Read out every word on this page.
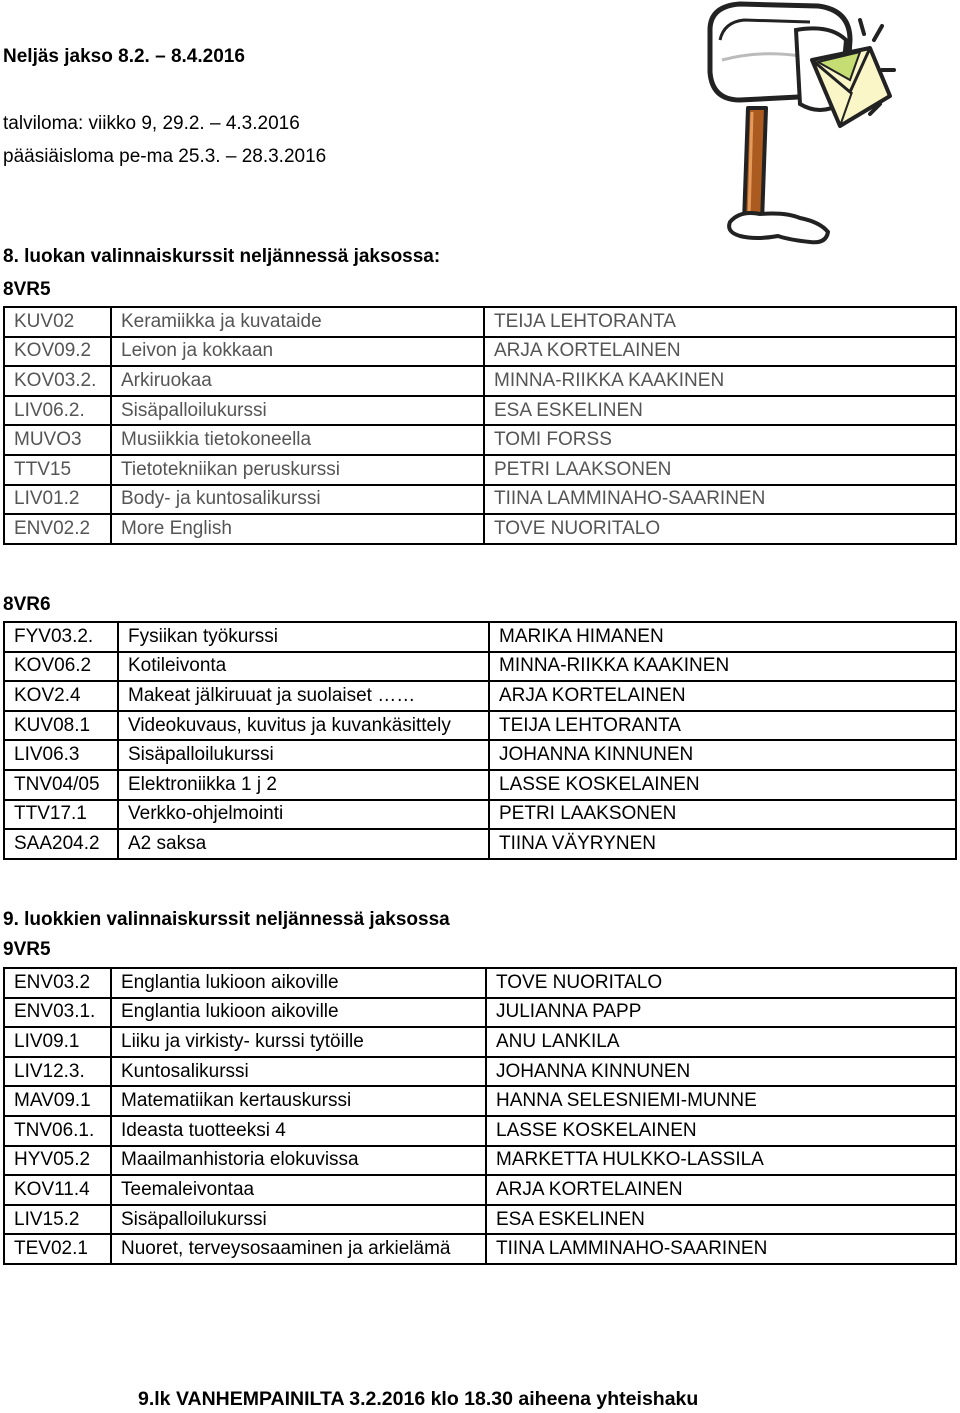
Neljäs jakso 8.2. – 8.4.2016
talviloma: viikko 9, 29.2. – 4.3.2016
pääsiäisloma pe-ma 25.3. – 28.3.2016
8. luokan valinnaiskurssit neljännessä jaksossa:
8VR5
KUV02	Keramiikka ja kuvataide	TEIJA LEHTORANTA
KOV09.2	Leivon ja kokkaan	ARJA KORTELAINEN
KOV03.2.	Arkiruokaa	MINNA-RIIKKA KAAKINEN
LIV06.2.	Sisäpalloilukurssi	ESA ESKELINEN
MUVO3	Musiikkia tietokoneella	TOMI FORSS
TTV15	Tietotekniikan peruskurssi	PETRI LAAKSONEN
LIV01.2	Body- ja kuntosalikurssi	TIINA LAMMINAHO-SAARINEN
ENV02.2	More English	TOVE NUORITALO
8VR6
FYV03.2.	Fysiikan työkurssi	MARIKA HIMANEN
KOV06.2	Kotileivonta	MINNA-RIIKKA KAAKINEN
KOV2.4	Makeat jälkiruuat ja suolaiset ……	ARJA KORTELAINEN
KUV08.1	Videokuvaus, kuvitus ja kuvankäsittely	TEIJA LEHTORANTA
LIV06.3	Sisäpalloilukurssi	JOHANNA KINNUNEN
TNV04/05	Elektroniikka 1 j 2	LASSE KOSKELAINEN
TTV17.1	Verkko-ohjelmointi	PETRI LAAKSONEN
SAA204.2	A2 saksa	TIINA VÄYRYNEN
9. luokkien valinnaiskurssit neljännessä jaksossa
9VR5
ENV03.2	Englantia lukioon aikoville	TOVE NUORITALO
ENV03.1.	Englantia lukioon aikoville	JULIANNA PAPP
LIV09.1	Liiku ja virkisty- kurssi tytöille	ANU LANKILA
LIV12.3.	Kuntosalikurssi	JOHANNA KINNUNEN
MAV09.1	Matematiikan kertauskurssi	HANNA SELESNIEMI-MUNNE
TNV06.1.	Ideasta tuotteeksi 4	LASSE KOSKELAINEN
HYV05.2	Maailmanhistoria elokuvissa	MARKETTA HULKKO-LASSILA
KOV11.4	Teemaleivontaa	ARJA KORTELAINEN
LIV15.2	Sisäpalloilukurssi	ESA ESKELINEN
TEV02.1	Nuoret, terveysosaaminen ja arkielämä	TIINA LAMMINAHO-SAARINEN
9.lk VANHEMPAINILTA 3.2.2016 klo 18.30 aiheena yhteishaku
